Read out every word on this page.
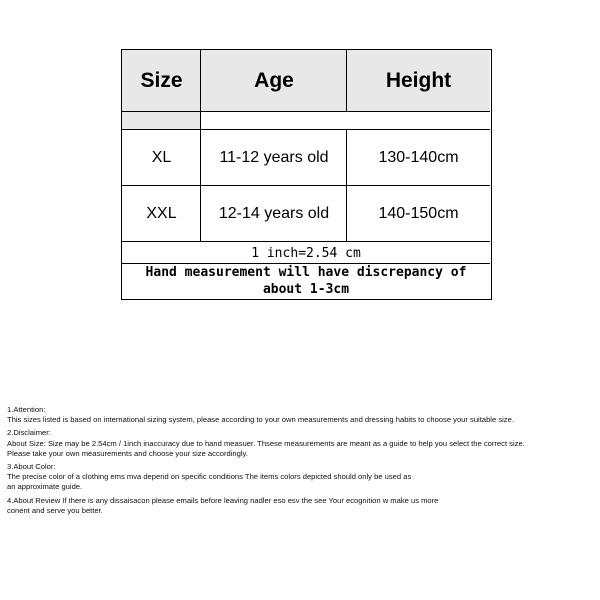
Size	Age	Height
XL	11-12 years old	130-140cm
XXL	12-14 years old	140-150cm
1 inch=2.54 cm
Hand measurement will have discrepancy of about 1-3cm
1.Attention:
This sizes listed is based on international sizing system, please according to your own measurements and dressing habits to choose your suitable size.
2.Disclaimer:
About Size: Size may be 2.54cm / 1inch inaccuracy due to hand measuer. Thsese measurements are meant as a guide to help you select the correct size.
Please take your own measurements and choose your size accordingly.
3.About Color:
The precise color of a clothing ems mva depend on specific conditions The items colors depicted should only be used as
an approximate guide.
4.About Review If there is any dissaisacon please emails before leaving nadler eso esv the see Your ecognition w make us more
conent and serve you better.
